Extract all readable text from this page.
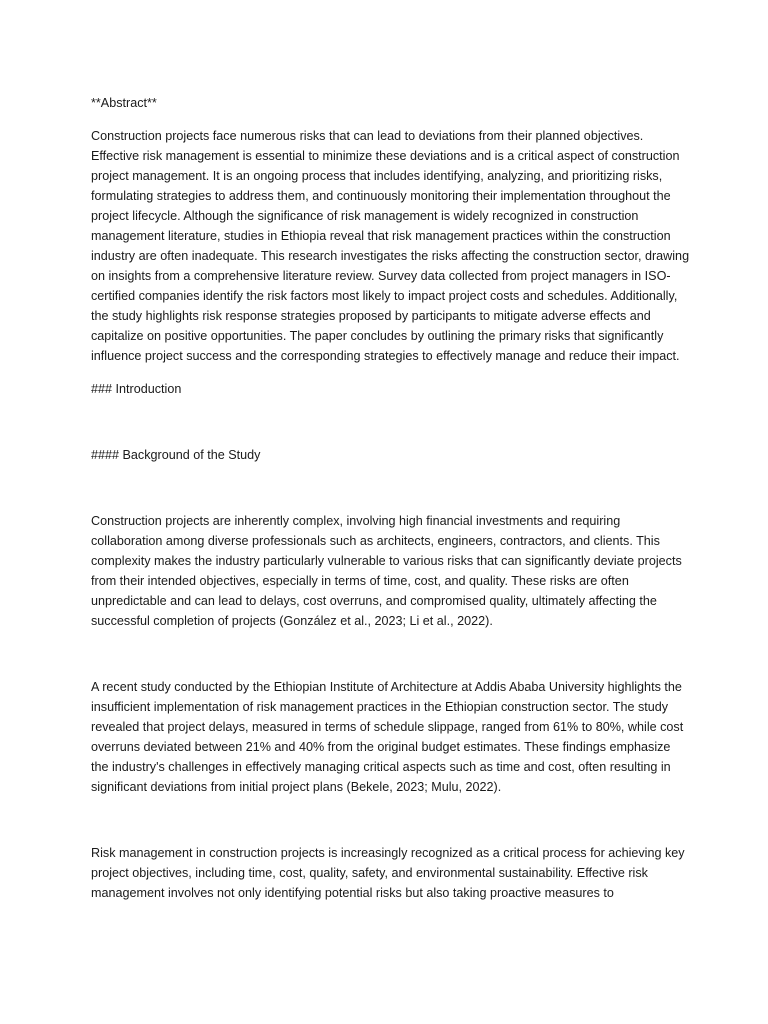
**Abstract**

Construction projects face numerous risks that can lead to deviations from their planned objectives. Effective risk management is essential to minimize these deviations and is a critical aspect of construction project management. It is an ongoing process that includes identifying, analyzing, and prioritizing risks, formulating strategies to address them, and continuously monitoring their implementation throughout the project lifecycle. Although the significance of risk management is widely recognized in construction management literature, studies in Ethiopia reveal that risk management practices within the construction industry are often inadequate. This research investigates the risks affecting the construction sector, drawing on insights from a comprehensive literature review. Survey data collected from project managers in ISO-certified companies identify the risk factors most likely to impact project costs and schedules. Additionally, the study highlights risk response strategies proposed by participants to mitigate adverse effects and capitalize on positive opportunities. The paper concludes by outlining the primary risks that significantly influence project success and the corresponding strategies to effectively manage and reduce their impact.

### Introduction

#### Background of the Study

Construction projects are inherently complex, involving high financial investments and requiring collaboration among diverse professionals such as architects, engineers, contractors, and clients. This complexity makes the industry particularly vulnerable to various risks that can significantly deviate projects from their intended objectives, especially in terms of time, cost, and quality. These risks are often unpredictable and can lead to delays, cost overruns, and compromised quality, ultimately affecting the successful completion of projects (González et al., 2023; Li et al., 2022).

A recent study conducted by the Ethiopian Institute of Architecture at Addis Ababa University highlights the insufficient implementation of risk management practices in the Ethiopian construction sector. The study revealed that project delays, measured in terms of schedule slippage, ranged from 61% to 80%, while cost overruns deviated between 21% and 40% from the original budget estimates. These findings emphasize the industry's challenges in effectively managing critical aspects such as time and cost, often resulting in significant deviations from initial project plans (Bekele, 2023; Mulu, 2022).

Risk management in construction projects is increasingly recognized as a critical process for achieving key project objectives, including time, cost, quality, safety, and environmental sustainability. Effective risk management involves not only identifying potential risks but also taking proactive measures to
